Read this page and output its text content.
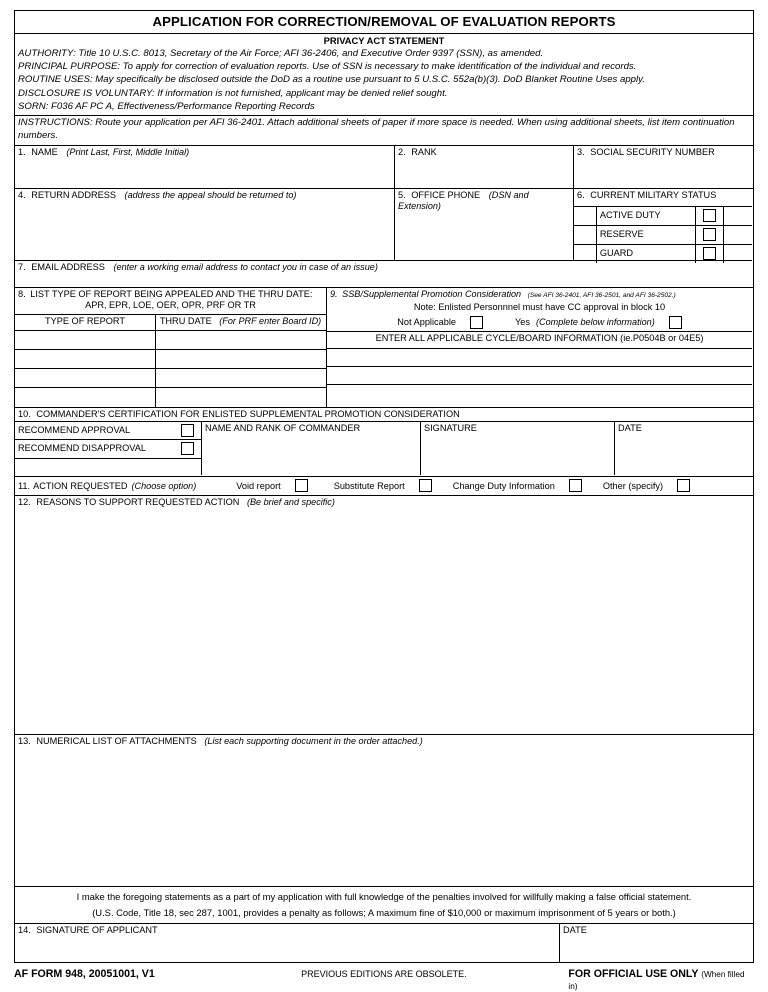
APPLICATION FOR CORRECTION/REMOVAL OF EVALUATION REPORTS
PRIVACY ACT STATEMENT
AUTHORITY: Title 10 U.S.C. 8013, Secretary of the Air Force; AFI 36-2406, and Executive Order 9397 (SSN), as amended.
PRINCIPAL PURPOSE: To apply for correction of evaluation reports. Use of SSN is necessary to make identification of the individual and records.
ROUTINE USES: May specifically be disclosed outside the DoD as a routine use pursuant to 5 U.S.C. 552a(b)(3). DoD Blanket Routine Uses apply.
DISCLOSURE IS VOLUNTARY: If information is not furnished, applicant may be denied relief sought.
SORN: F036 AF PC A, Effectiveness/Performance Reporting Records
INSTRUCTIONS: Route your application per AFI 36-2401. Attach additional sheets of paper if more space is needed. When using additional sheets, list item continuation numbers.
1. NAME (Print Last, First, Middle Initial)	2. RANK	3. SOCIAL SECURITY NUMBER
4. RETURN ADDRESS (address the appeal should be returned to)	5. OFFICE PHONE (DSN and Extension)
6. CURRENT MILITARY STATUS
ACTIVE DUTY
RESERVE
GUARD
7. EMAIL ADDRESS (enter a working email address to contact you in case of an issue)
8. LIST TYPE OF REPORT BEING APPEALED AND THE THRU DATE:
APR, EPR, LOE, OER, OPR, PRF OR TR
TYPE OF REPORT	THRU DATE (For PRF enter Board ID)
9. SSB/Supplemental Promotion Consideration (See AFI 36-2401, AFI 36-2501, and AFI 36-2502.)
Note: Enlisted Personnnel must have CC approval in block 10
Not Applicable	Yes (Complete below information)
ENTER ALL APPLICABLE CYCLE/BOARD INFORMATION (ie.P0504B or 04E5)
10. COMMANDER'S CERTIFICATION FOR ENLISTED SUPPLEMENTAL PROMOTION CONSIDERATION
RECOMMEND APPROVAL
RECOMMEND DISAPPROVAL
NAME AND RANK OF COMMANDER	SIGNATURE	DATE
11. ACTION REQUESTED (Choose option)	Void report	Substitute Report	Change Duty Information	Other (specify)
12. REASONS TO SUPPORT REQUESTED ACTION (Be brief and specific)
13. NUMERICAL LIST OF ATTACHMENTS (List each supporting document in the order attached.)
I make the foregoing statements as a part of my application with full knowledge of the penalties involved for willfully making a false official statement.
(U.S. Code, Title 18, sec 287, 1001, provides a penalty as follows; A maximum fine of $10,000 or maximum imprisonment of 5 years or both.)
14. SIGNATURE OF APPLICANT	DATE
AF FORM 948, 20051001, V1	PREVIOUS EDITIONS ARE OBSOLETE.	FOR OFFICIAL USE ONLY (When filled in)
